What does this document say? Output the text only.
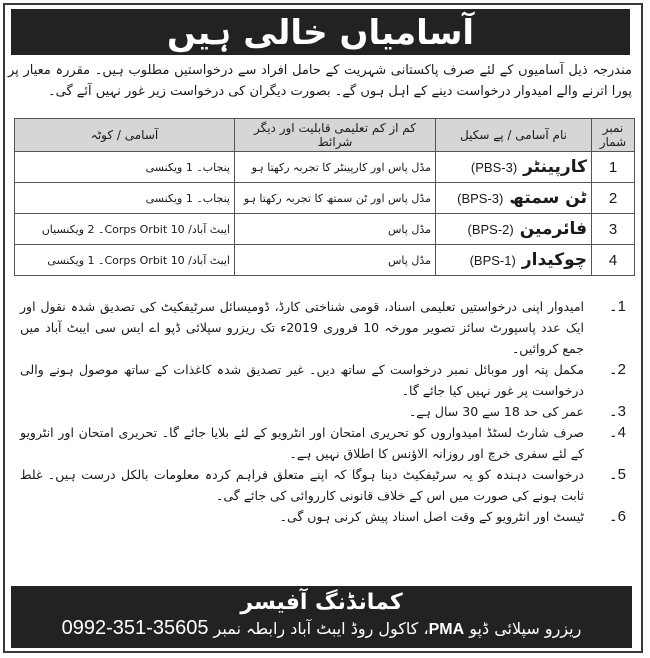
آسامیاں خالی ہیں

مندرجہ ذیل آسامیوں کے لئے صرف پاکستانی شہریت کے حامل افراد سے درخواستیں مطلوب ہیں۔ مقررہ معیار پر پورا اترنے والے امیدوار درخواست دینے کے اہل ہوں گے۔ بصورت دیگران کی درخواست زیر غور نہیں آئے گی۔

نمبر شمار	نام آسامی / پے سکیل	کم از کم تعلیمی قابلیت اور دیگر شرائط	آسامی / کوٹہ
1	کارپینٹر(PBS-3)	مڈل پاس اور کارپینٹر کا تجربہ رکھتا ہو	پنجاب۔ 1 ویکنسی
2	ٹن سمتھ(BPS-3)	مڈل پاس اور ٹن سمتھ کا تجربہ رکھتا ہو	پنجاب۔ 1 ویکنسی
3	فائرمین(BPS-2)	مڈل پاس	ایبٹ آباد/ 10 Corps Orbit۔ 2 ویکنسیاں
4	چوکیدار(BPS-1)	مڈل پاس	ایبٹ آباد/ 10 Corps Orbit۔ 1 ویکنسی
1۔
امیدوار اپنی درخواستیں تعلیمی اسناد، قومی شناختی کارڈ، ڈومیسائل سرٹیفکیٹ کی تصدیق شدہ نقول اور ایک عدد پاسپورٹ سائز تصویر مورخہ 10 فروری 2019ء تک ریزرو سپلائی ڈپو اے ایس سی ایبٹ آباد میں جمع کروائیں۔
2۔
مکمل پتہ اور موبائل نمبر درخواست کے ساتھ دیں۔ غیر تصدیق شدہ کاغذات کے ساتھ موصول ہونے والی درخواست پر غور نہیں کیا جائے گا۔
3۔
عمر کی حد 18 سے 30 سال ہے۔
4۔
صرف شارٹ لسٹڈ امیدواروں کو تحریری امتحان اور انٹرویو کے لئے بلایا جائے گا۔ تحریری امتحان اور انٹرویو کے لئے سفری خرچ اور روزانہ الاؤنس کا اطلاق نہیں ہے۔
5۔
درخواست دہندہ کو یہ سرٹیفکیٹ دینا ہوگا کہ اپنے متعلق فراہم کردہ معلومات بالکل درست ہیں۔ غلط ثابت ہونے کی صورت میں اس کے خلاف قانونی کارروائی کی جائے گی۔
6۔
ٹیسٹ اور انٹرویو کے وقت اصل اسناد پیش کرنی ہوں گی۔
کمانڈنگ آفیسر
ریزرو سپلائی ڈپو PMA، کاکول روڈ ایبٹ آباد رابطہ نمبر 0992-351-35605
